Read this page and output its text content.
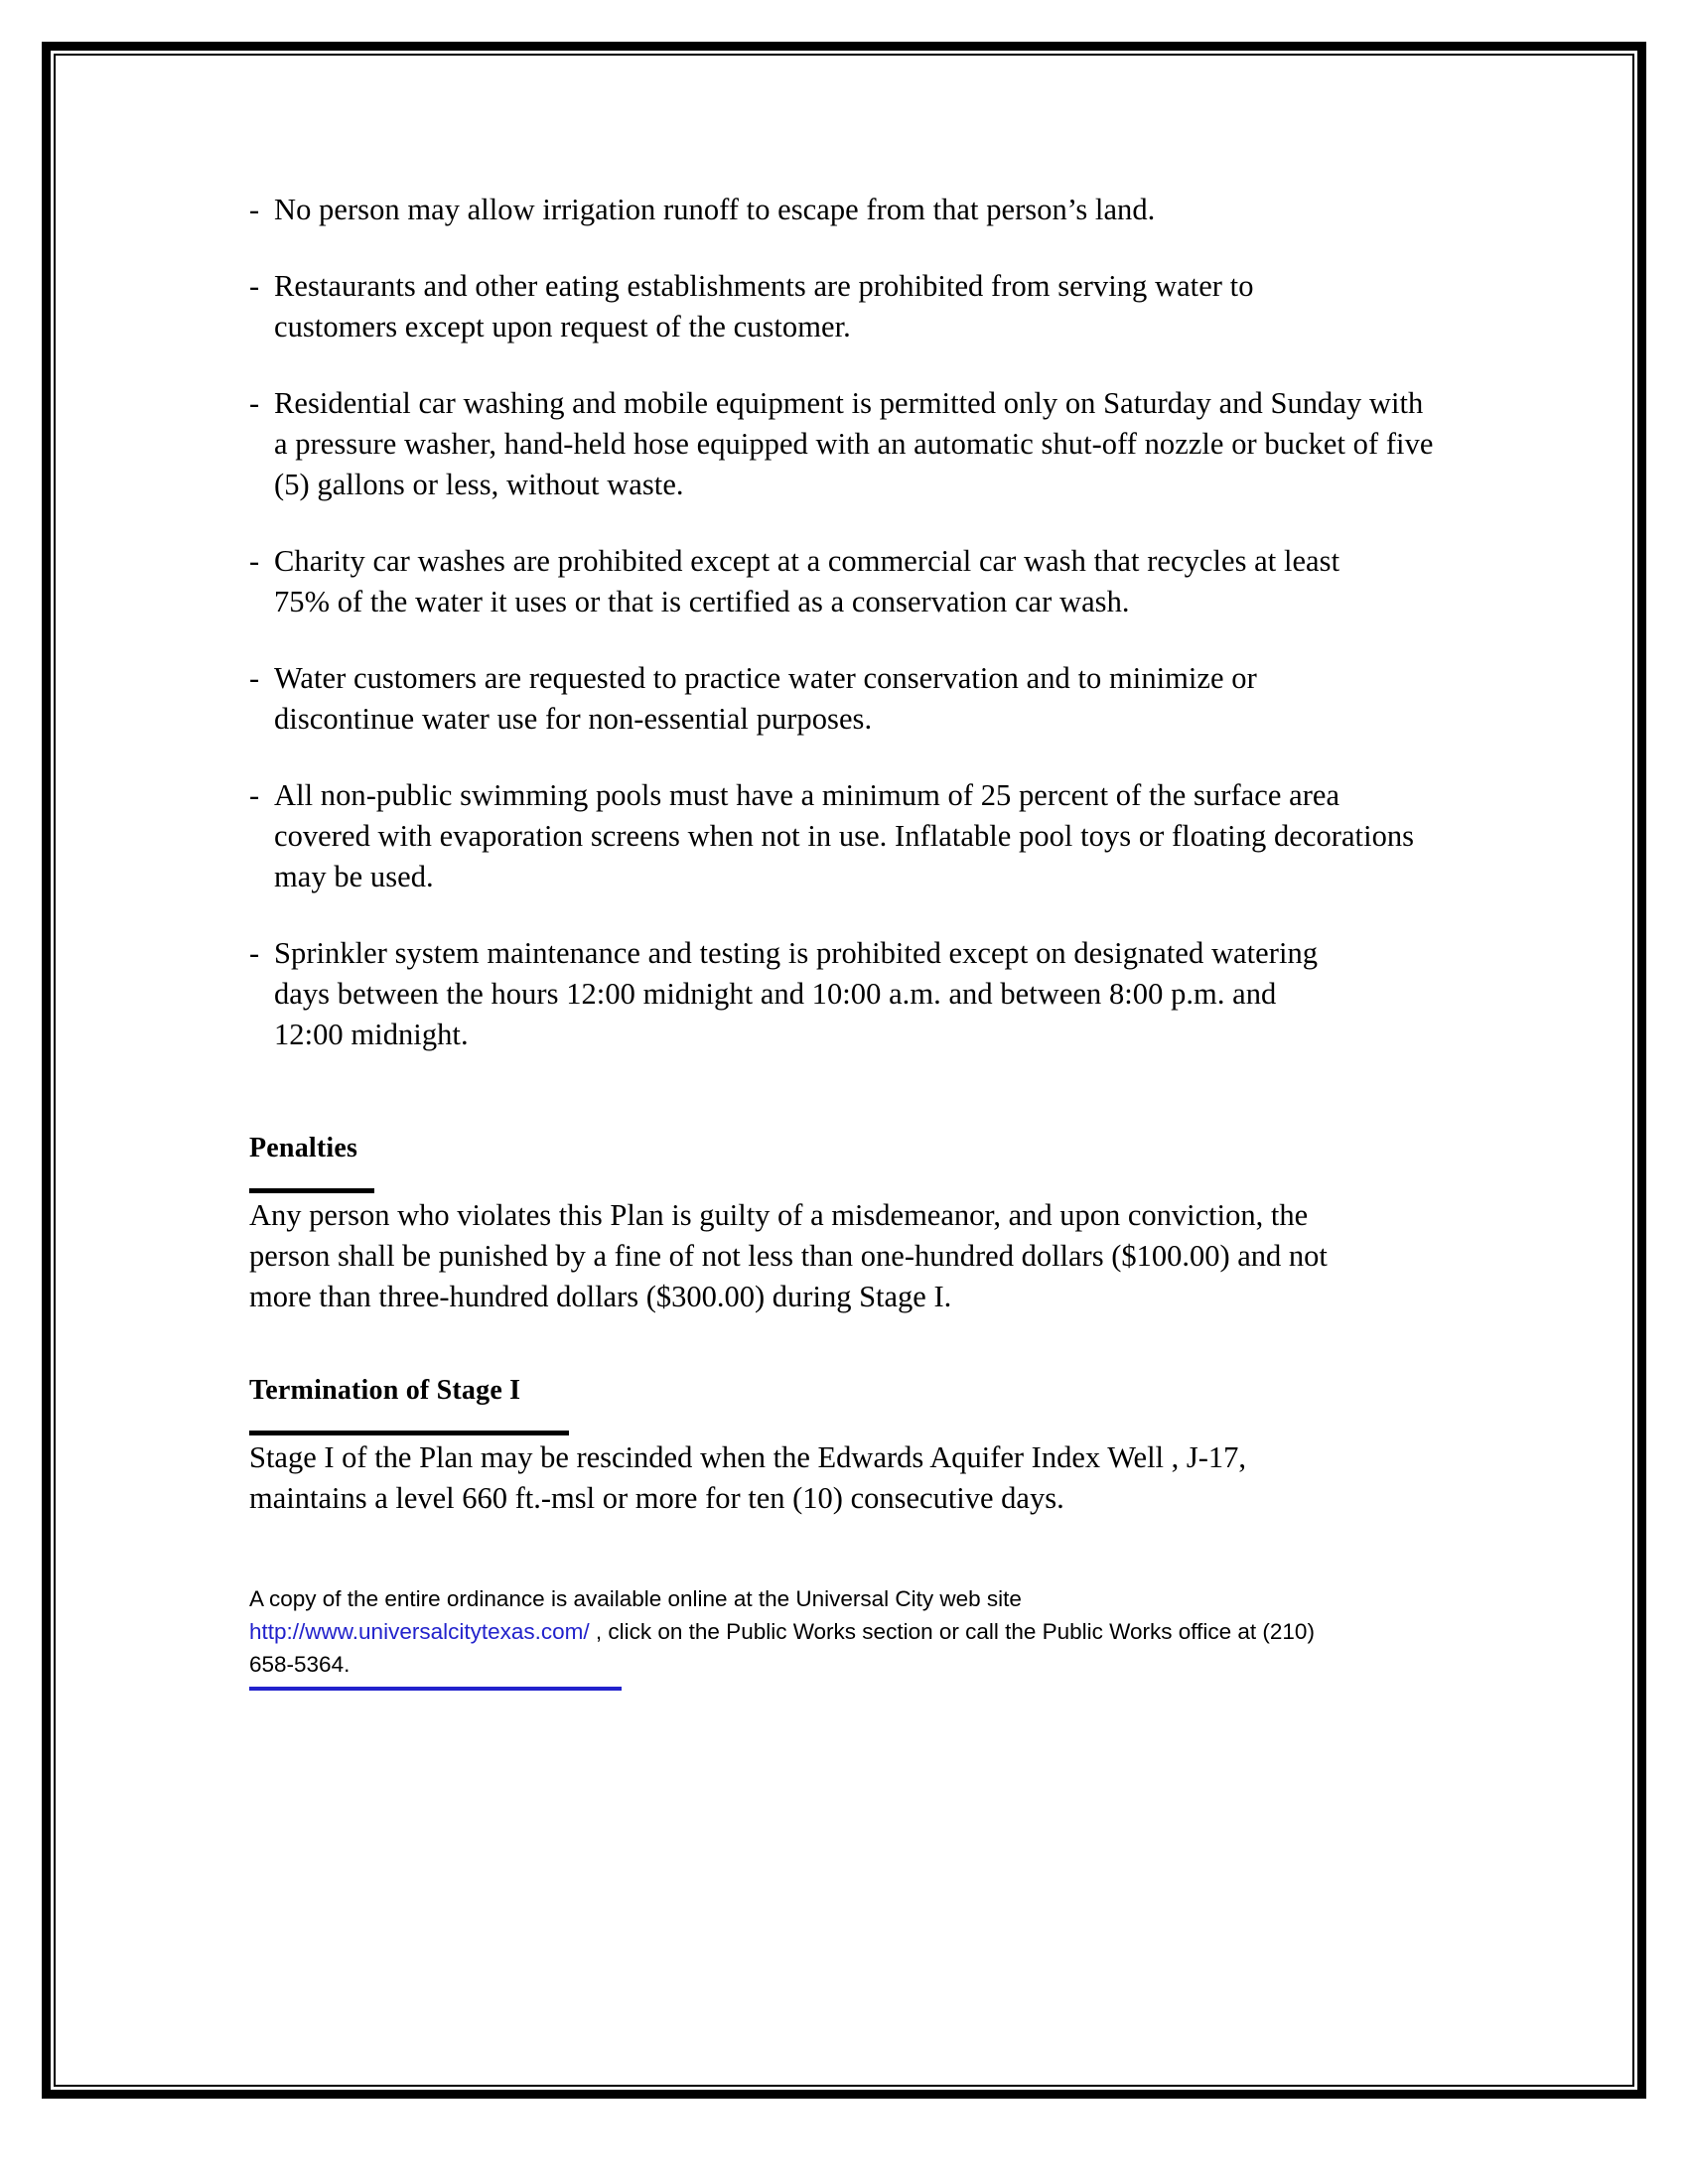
- No person may allow irrigation runoff to escape from that person’s land.
- Restaurants and other eating establishments are prohibited from serving water to
customers except upon request of the customer.
- Residential car washing and mobile equipment is permitted only on Saturday and Sunday with
a pressure washer, hand-held hose equipped with an automatic shut-off nozzle or bucket of five
(5) gallons or less, without waste.
- Charity car washes are prohibited except at a commercial car wash that recycles at least
75% of the water it uses or that is certified as a conservation car wash.
- Water customers are requested to practice water conservation and to minimize or
discontinue water use for non-essential purposes.
- All non-public swimming pools must have a minimum of 25 percent of the surface area
covered with evaporation screens when not in use. Inflatable pool toys or floating decorations
may be used.
- Sprinkler system maintenance and testing is prohibited except on designated watering
days between the hours 12:00 midnight and 10:00 a.m. and between 8:00 p.m. and
12:00 midnight.
Penalties

Any person who violates this Plan is guilty of a misdemeanor, and upon conviction, the
person shall be punished by a fine of not less than one-hundred dollars ($100.00) and not
more than three-hundred dollars ($300.00) during Stage I.

Termination of Stage I

Stage I of the Plan may be rescinded when the Edwards Aquifer Index Well , J-17,
maintains a level 660 ft.-msl or more for ten (10) consecutive days.

A copy of the entire ordinance is available online at the Universal City web site
http://www.universalcitytexas.com/ , click on the Public Works section or call the Public Works office at (210)
658-5364.
